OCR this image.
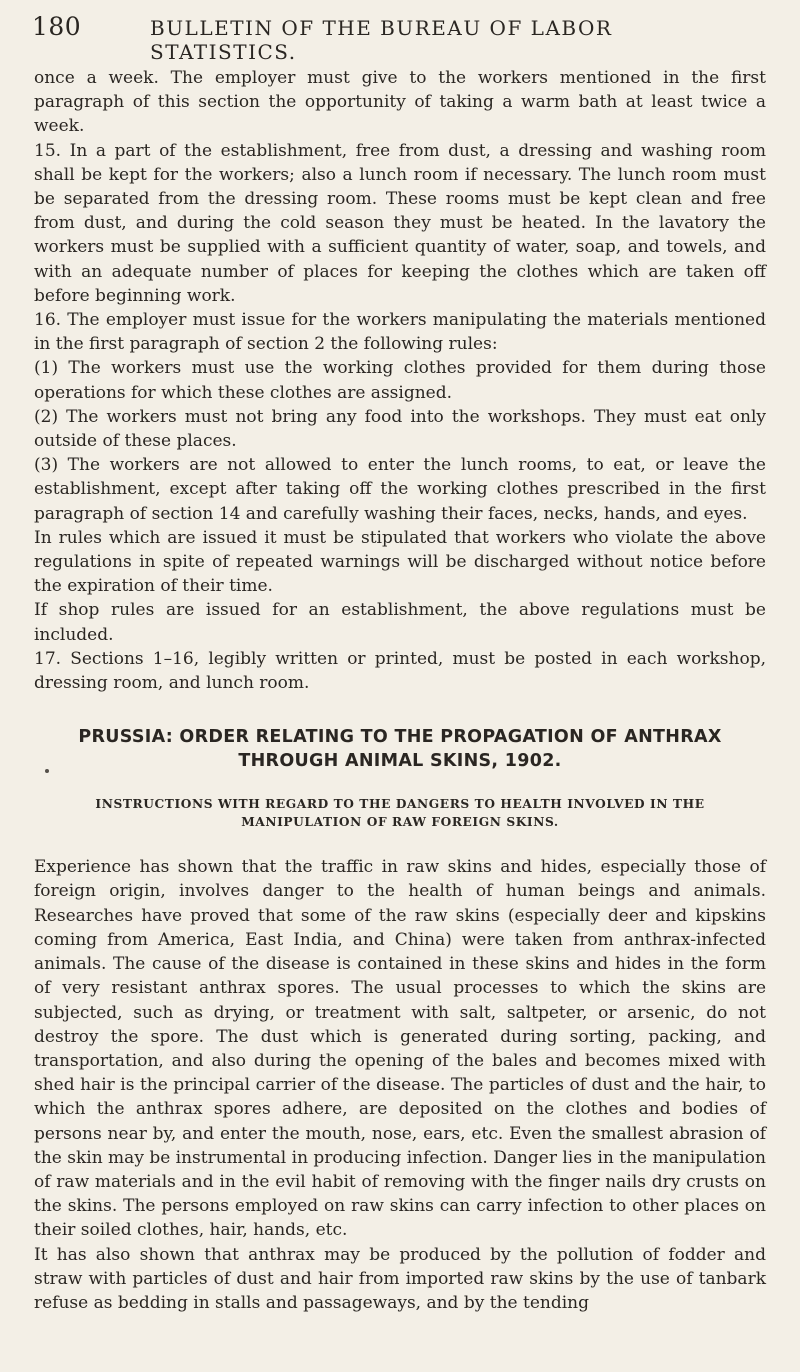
180	BULLETIN OF THE BUREAU OF LABOR STATISTICS.

once a week. The employer must give to the workers mentioned in the first paragraph of this section the opportunity of taking a warm bath at least twice a week.

15. In a part of the establishment, free from dust, a dressing and washing room shall be kept for the workers; also a lunch room if necessary. The lunch room must be separated from the dressing room. These rooms must be kept clean and free from dust, and during the cold season they must be heated. In the lavatory the workers must be supplied with a sufficient quantity of water, soap, and towels, and with an adequate number of places for keeping the clothes which are taken off before beginning work.

16. The employer must issue for the workers manipulating the materials mentioned in the first paragraph of section 2 the following rules:

(1) The workers must use the working clothes provided for them during those operations for which these clothes are assigned.

(2) The workers must not bring any food into the workshops. They must eat only outside of these places.

(3) The workers are not allowed to enter the lunch rooms, to eat, or leave the establishment, except after taking off the working clothes prescribed in the first paragraph of section 14 and carefully washing their faces, necks, hands, and eyes.

In rules which are issued it must be stipulated that workers who violate the above regulations in spite of repeated warnings will be discharged without notice before the expiration of their time.

If shop rules are issued for an establishment, the above regulations must be included.

17. Sections 1–16, legibly written or printed, must be posted in each workshop, dressing room, and lunch room.

PRUSSIA: ORDER RELATING TO THE PROPAGATION OF ANTHRAX THROUGH ANIMAL SKINS, 1902.
INSTRUCTIONS WITH REGARD TO THE DANGERS TO HEALTH INVOLVED IN THE MANIPULATION OF RAW FOREIGN SKINS.

Experience has shown that the traffic in raw skins and hides, especially those of foreign origin, involves danger to the health of human beings and animals. Researches have proved that some of the raw skins (especially deer and kipskins coming from America, East India, and China) were taken from anthrax-infected animals. The cause of the disease is contained in these skins and hides in the form of very resistant anthrax spores. The usual processes to which the skins are subjected, such as drying, or treatment with salt, saltpeter, or arsenic, do not destroy the spore. The dust which is generated during sorting, packing, and transportation, and also during the opening of the bales and becomes mixed with shed hair is the principal carrier of the disease. The particles of dust and the hair, to which the anthrax spores adhere, are deposited on the clothes and bodies of persons near by, and enter the mouth, nose, ears, etc. Even the smallest abrasion of the skin may be instrumental in producing infection. Danger lies in the manipulation of raw materials and in the evil habit of removing with the finger nails dry crusts on the skins. The persons employed on raw skins can carry infection to other places on their soiled clothes, hair, hands, etc.

It has also shown that anthrax may be produced by the pollution of fodder and straw with particles of dust and hair from imported raw skins by the use of tanbark refuse as bedding in stalls and passageways, and by the tending
